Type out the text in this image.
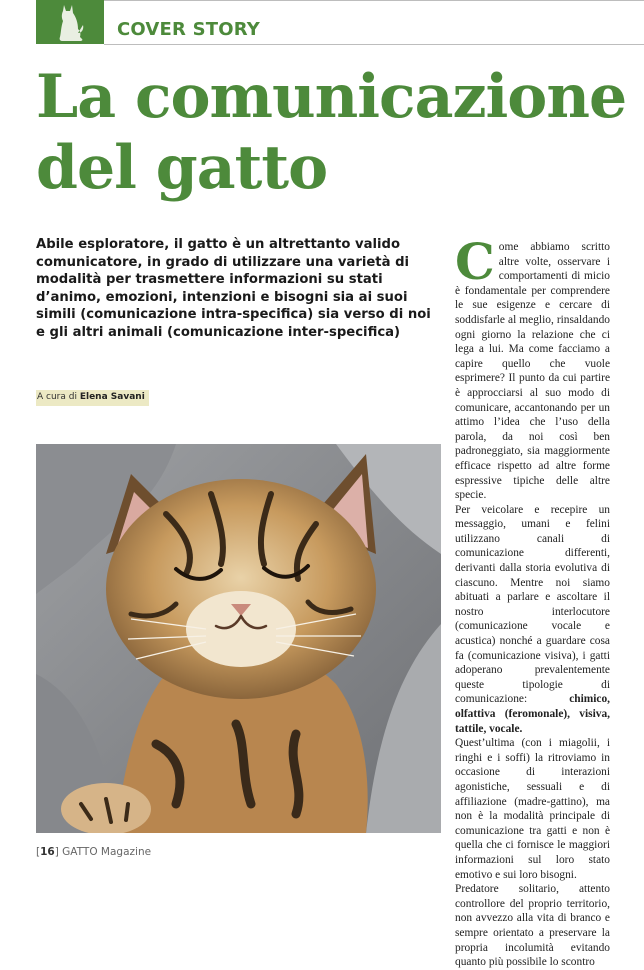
COVER STORY
La comunicazione
del gatto
Abile esploratore, il gatto è un altrettanto valido comunicatore, in grado di utilizzare una varietà di modalità per trasmettere informazioni su stati d’animo, emozioni, intenzioni e bisogni sia ai suoi simili (comunicazione intra-specifica) sia verso di noi e gli altri animali (comunicazione inter-specifica)
A cura di Elena Savani

Come abbiamo scritto altre volte, osservare i comportamenti di micio è fondamentale per comprendere le sue esigenze e cercare di soddisfarle al meglio, rinsaldando ogni giorno la relazione che ci lega a lui. Ma come facciamo a capire quello che vuole esprimere? Il punto da cui partire è approcciarsi al suo modo di comunicare, accantonando per un attimo l’idea che l’uso della parola, da noi così ben padroneggiato, sia maggiormente efficace rispetto ad altre forme espressive tipiche delle altre specie.

Per veicolare e recepire un messaggio, umani e felini utilizzano canali di comunicazione differenti, derivanti dalla storia evolutiva di ciascuno. Mentre noi siamo abituati a parlare e ascoltare il nostro interlocutore (comunicazione vocale e acustica) nonché a guardare cosa fa (comunicazione visiva), i gatti adoperano prevalentemente queste tipologie di comunicazione:	chimico, olfattiva (feromonale), visiva, tattile, vocale.

Quest’ultima (con i miagolii, i ringhi e i soffi) la ritroviamo in occasione di interazioni agonistiche, sessuali e di affiliazione (madre-gattino), ma non è la modalità principale di comunicazione tra gatti e non è quella che ci fornisce le maggiori informazioni sul loro stato emotivo e sui loro bisogni.

Predatore solitario, attento controllore del proprio territorio, non avvezzo alla vita di branco e sempre orientato a preservare la propria incolumità evitando quanto più possibile lo scontro

[16] GATTO Magazine
